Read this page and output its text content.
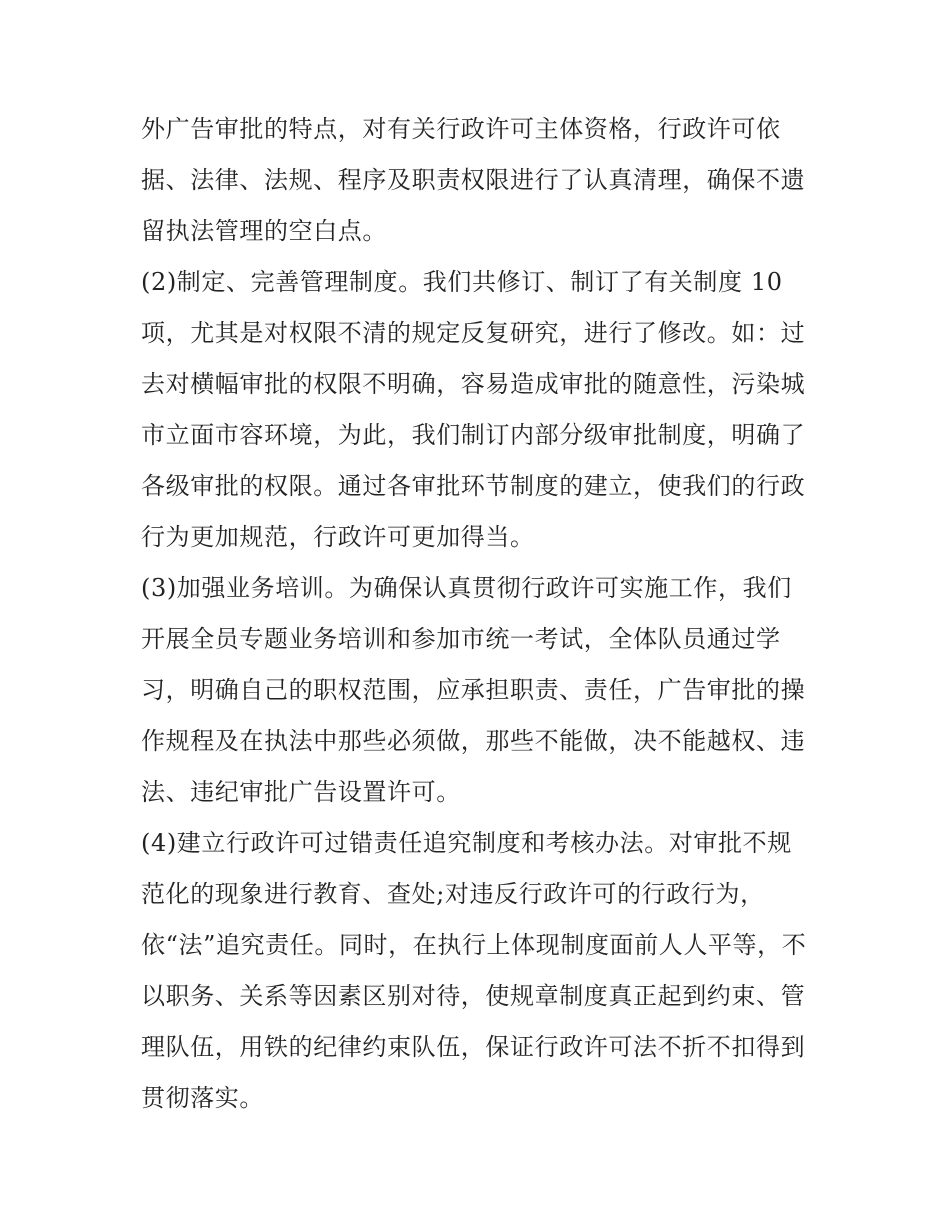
外广告审批的特点，对有关行政许可主体资格，行政许可依
据、法律、法规、程序及职责权限进行了认真清理，确保不遗
留执法管理的空白点。
(2)制定、完善管理制度。我们共修订、制订了有关制度 10
项，尤其是对权限不清的规定反复研究，进行了修改。如：过
去对横幅审批的权限不明确，容易造成审批的随意性，污染城
市立面市容环境，为此，我们制订内部分级审批制度，明确了
各级审批的权限。通过各审批环节制度的建立，使我们的行政
行为更加规范，行政许可更加得当。
(3)加强业务培训。为确保认真贯彻行政许可实施工作，我们
开展全员专题业务培训和参加市统一考试，全体队员通过学
习，明确自己的职权范围，应承担职责、责任，广告审批的操
作规程及在执法中那些必须做，那些不能做，决不能越权、违
法、违纪审批广告设置许可。
(4)建立行政许可过错责任追究制度和考核办法。对审批不规
范化的现象进行教育、查处;对违反行政许可的行政行为，
依“法”追究责任。同时，在执行上体现制度面前人人平等，不
以职务、关系等因素区别对待，使规章制度真正起到约束、管
理队伍，用铁的纪律约束队伍，保证行政许可法不折不扣得到
贯彻落实。
